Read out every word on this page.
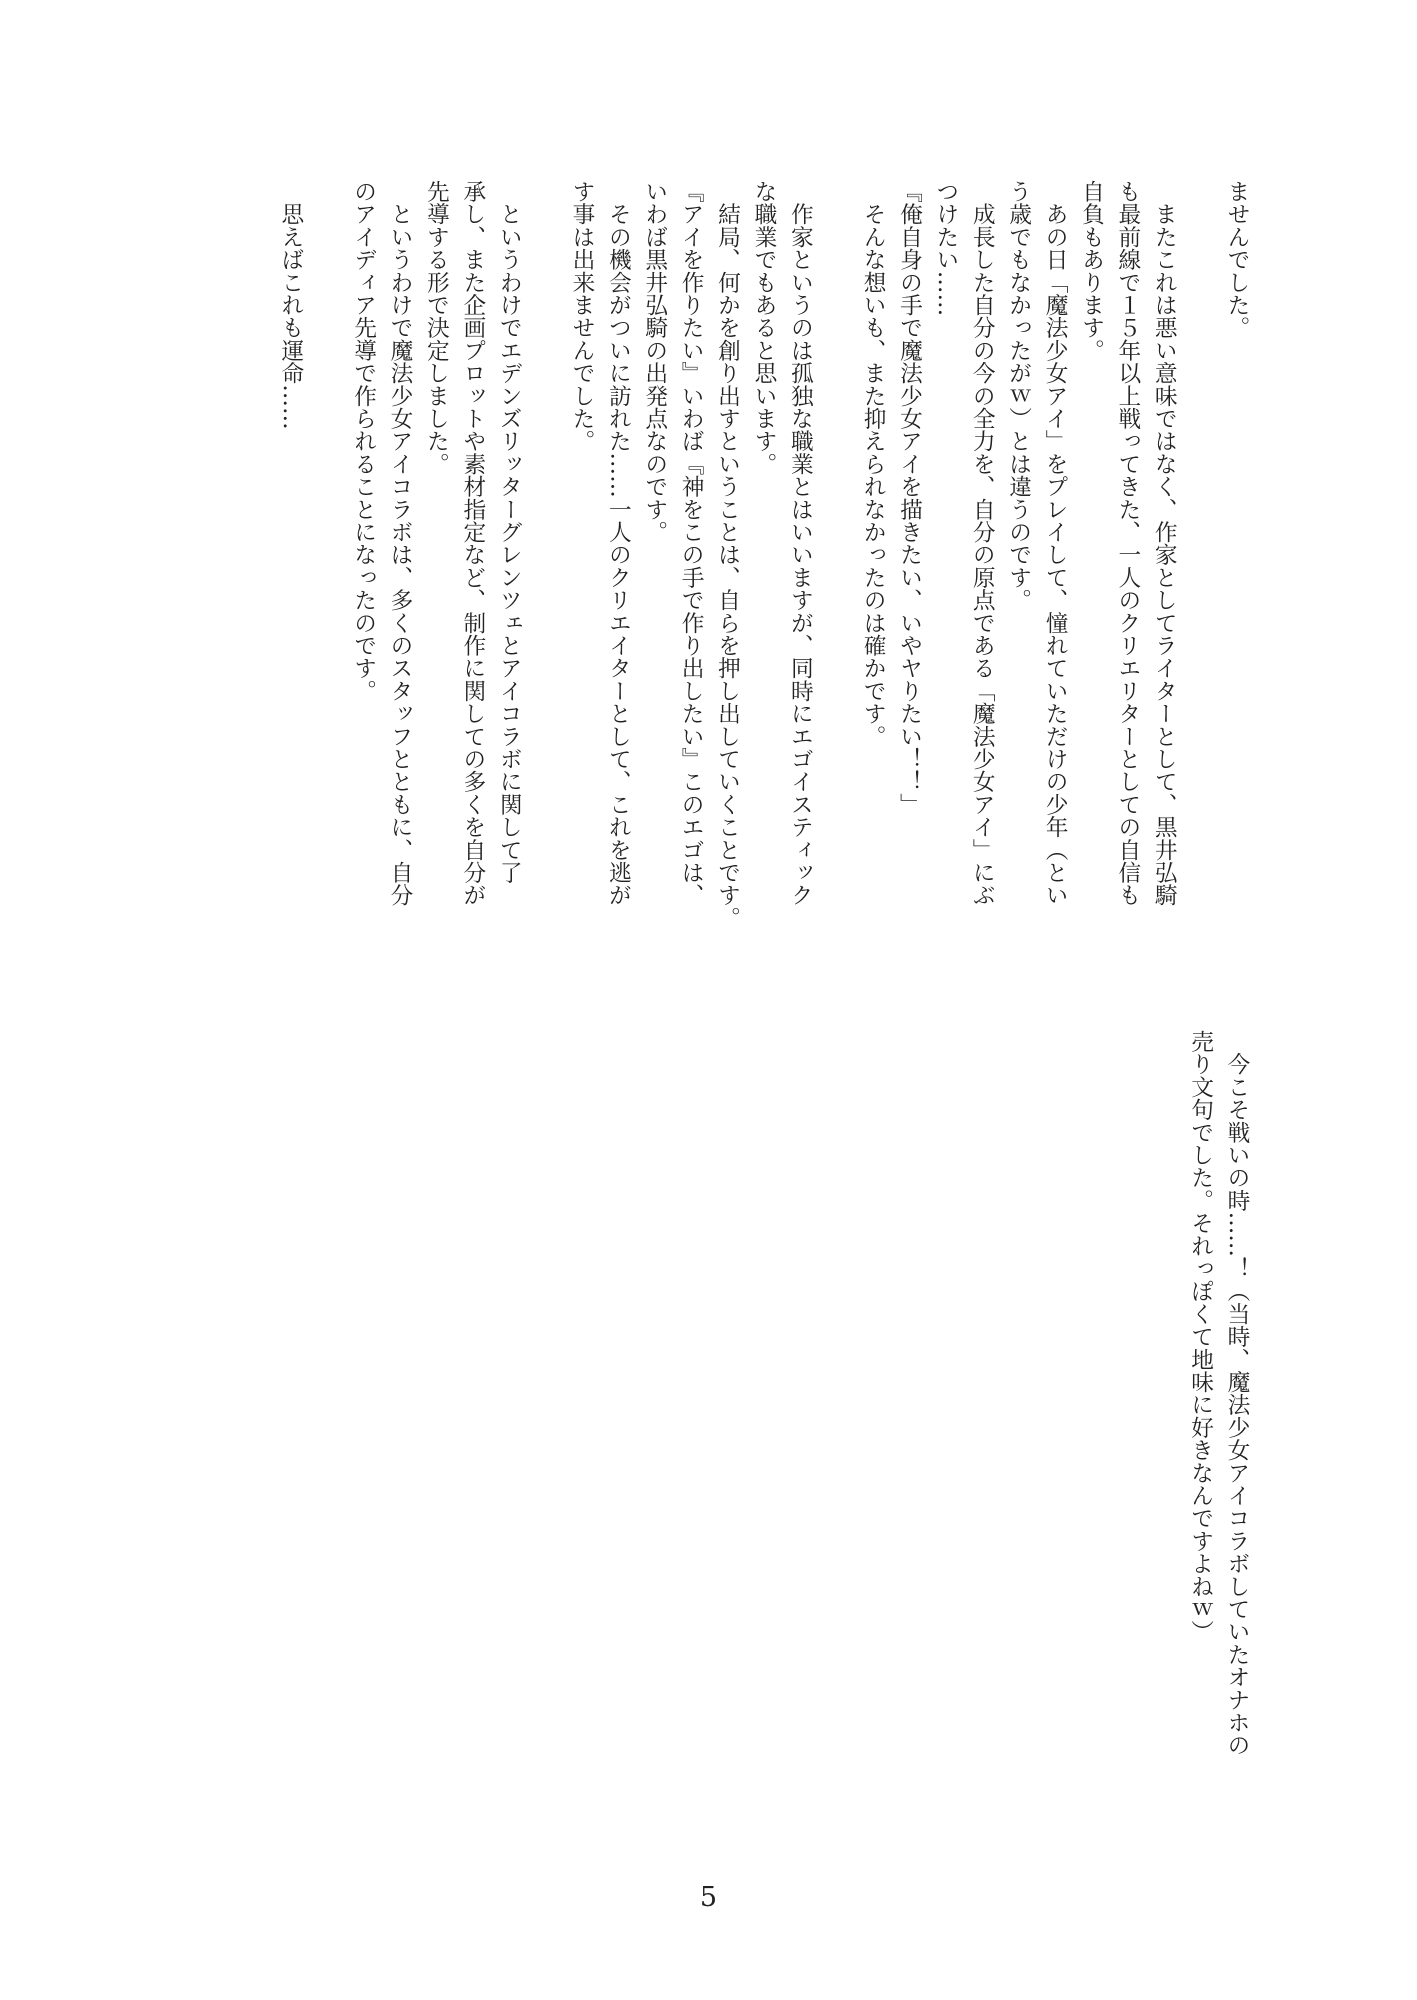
ませんでした。
　またこれは悪い意味ではなく、作家としてライターとして、黒井弘騎
も最前線で１５年以上戦ってきた、一人のクリエリターとしての自信も
自負もあります。
　あの日「魔法少女アイ」をプレイして、憧れていただけの少年（とい
う歳でもなかったがｗ）とは違うのです。
　成長した自分の今の全力を、自分の原点である「魔法少女アイ」にぶ
つけたい……
『俺自身の手で魔法少女アイを描きたい、いやヤりたい！！」
　そんな想いも、また抑えられなかったのは確かです。
　作家というのは孤独な職業とはいいますが、同時にエゴイスティック
な職業でもあると思います。
　結局、何かを創り出すということは、自らを押し出していくことです。
『アイを作りたい』いわば『神をこの手で作り出したい』このエゴは、
いわば黒井弘騎の出発点なのです。
　その機会がついに訪れた……一人のクリエイターとして、これを逃が
す事は出来ませんでした。
　というわけでエデンズリッターグレンツェとアイコラボに関して了
承し、また企画プロットや素材指定など、制作に関しての多くを自分が
先導する形で決定しました。
　というわけで魔法少女アイコラボは、多くのスタッフとともに、自分
のアイディア先導で作られることになったのです。
　思えばこれも運命……
　今こそ戦いの時……！（当時、魔法少女アイコラボしていたオナホの
売り文句でした。それっぽくて地味に好きなんですよねｗ）
5
